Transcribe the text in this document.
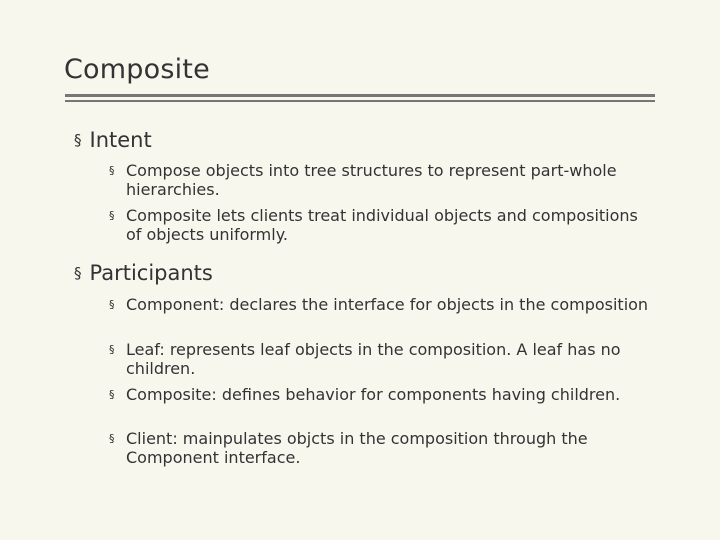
Composite
§ Intent
§ Compose objects into tree structures to represent part-whole hierarchies.
§ Composite lets clients treat individual objects and compositions of objects uniformly.
§ Participants
§ Component: declares the interface for objects in the composition
§ Leaf: represents leaf objects in the composition. A leaf has no children.
§ Composite: defines behavior for components having children.
§ Client: mainpulates objcts in the composition through the Component interface.
